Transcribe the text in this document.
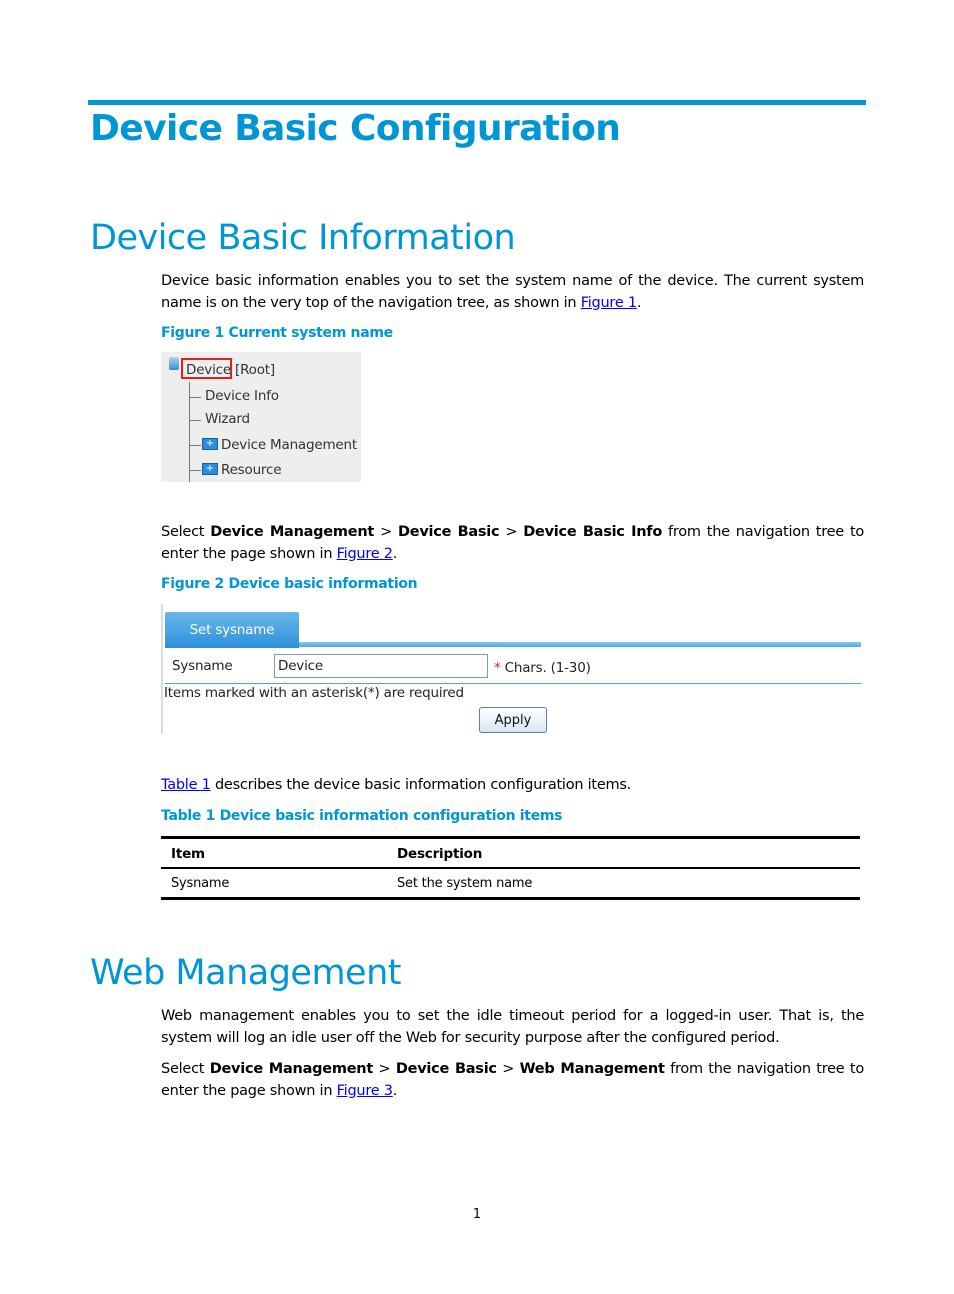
Device Basic Configuration
Device Basic Information

Device basic information enables you to set the system name of the device. The current system name is on the very top of the navigation tree, as shown in Figure 1.

Figure 1 Current system name

Device [Root]
Device Info
Wizard
+ Device Management
+ Resource

Select Device Management > Device Basic > Device Basic Info from the navigation tree to enter the page shown in Figure 2.

Figure 2 Device basic information

Set sysname
Sysname
Device	* Chars. (1-30)
Items marked with an asterisk(*) are required
Apply

Table 1 describes the device basic information configuration items.

Table 1 Device basic information configuration items

Item	Description
Sysname	Set the system name
Web Management

Web management enables you to set the idle timeout period for a logged-in user. That is, the system will log an idle user off the Web for security purpose after the configured period.

Select Device Management > Device Basic > Web Management from the navigation tree to enter the page shown in Figure 3.

1
